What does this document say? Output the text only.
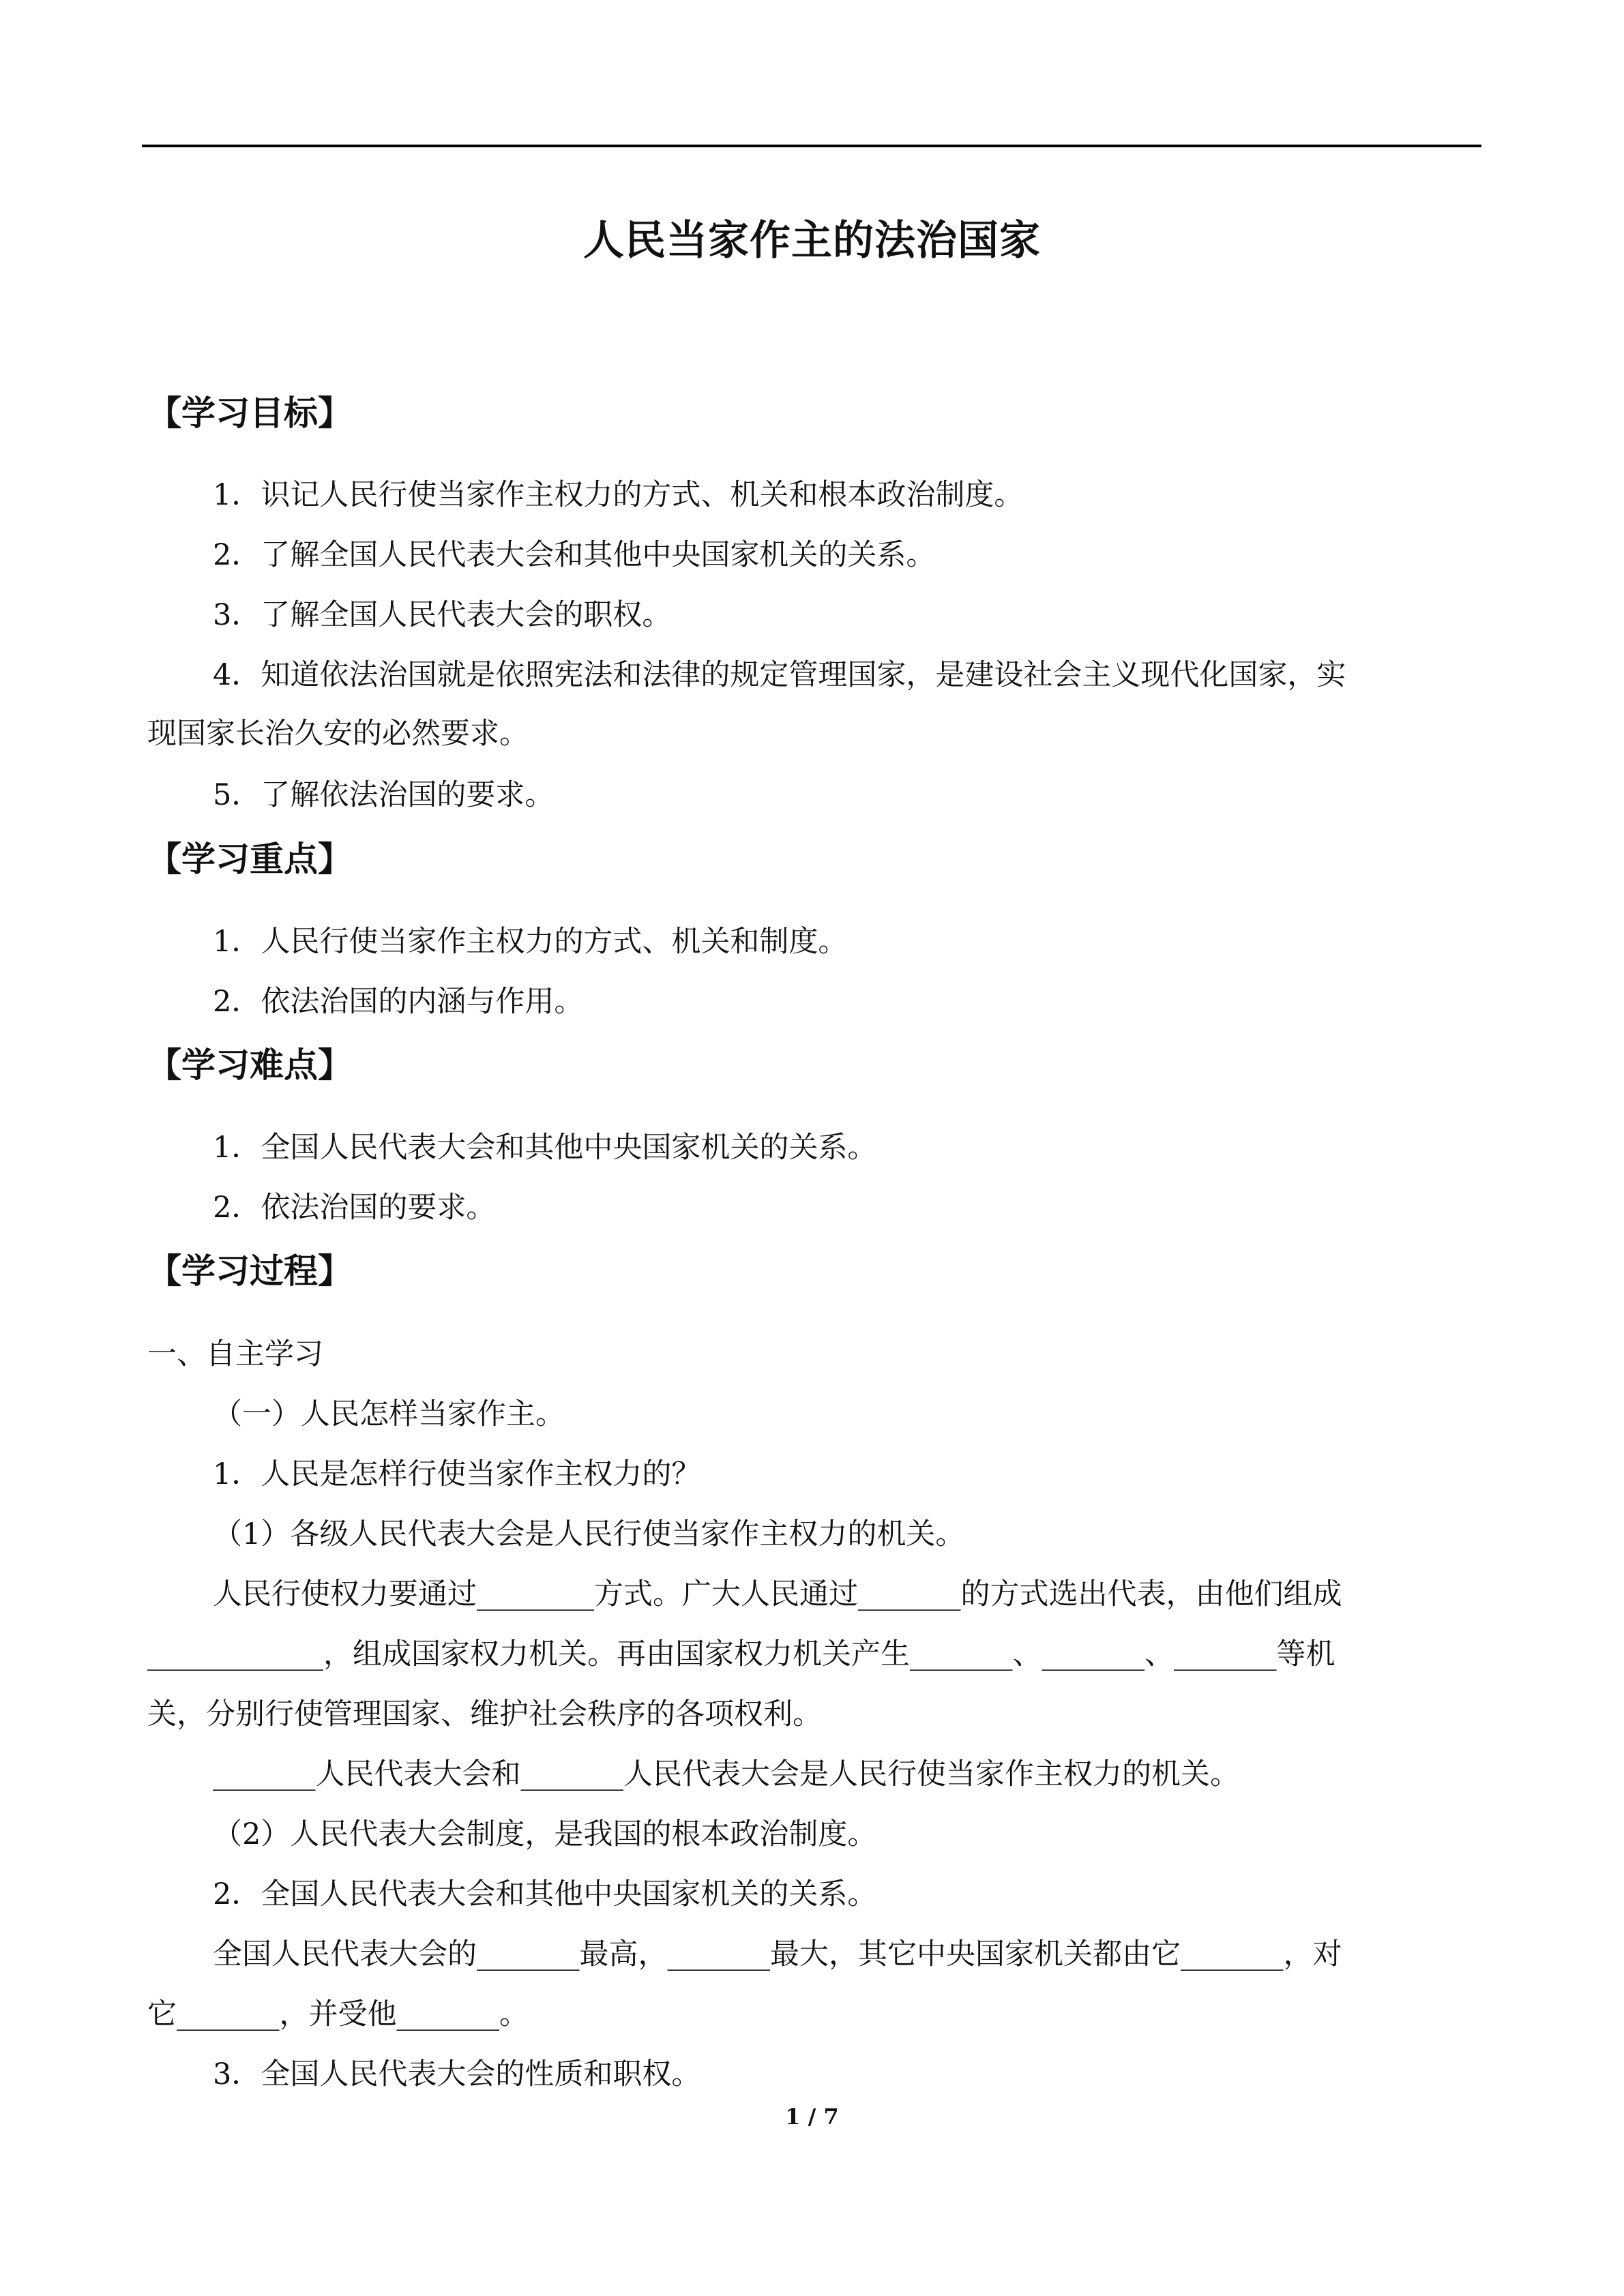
人民当家作主的法治国家
【学习目标】
1．识记人民行使当家作主权力的方式、机关和根本政治制度。
2．了解全国人民代表大会和其他中央国家机关的关系。
3．了解全国人民代表大会的职权。
4．知道依法治国就是依照宪法和法律的规定管理国家，是建设社会主义现代化国家，实
现国家长治久安的必然要求。
5．了解依法治国的要求。
【学习重点】
1．人民行使当家作主权力的方式、机关和制度。
2．依法治国的内涵与作用。
【学习难点】
1．全国人民代表大会和其他中央国家机关的关系。
2．依法治国的要求。
【学习过程】
一、自主学习
（一）人民怎样当家作主。
1．人民是怎样行使当家作主权力的？
（1）各级人民代表大会是人民行使当家作主权力的机关。
人民行使权力要通过________方式。广大人民通过_______的方式选出代表，由他们组成
____________，组成国家权力机关。再由国家权力机关产生_______、_______、_______等机
关，分别行使管理国家、维护社会秩序的各项权利。
_______人民代表大会和_______人民代表大会是人民行使当家作主权力的机关。
（2）人民代表大会制度，是我国的根本政治制度。
2．全国人民代表大会和其他中央国家机关的关系。
全国人民代表大会的_______最高，_______最大，其它中央国家机关都由它_______，对
它_______，并受他_______。
3．全国人民代表大会的性质和职权。
1 / 7
